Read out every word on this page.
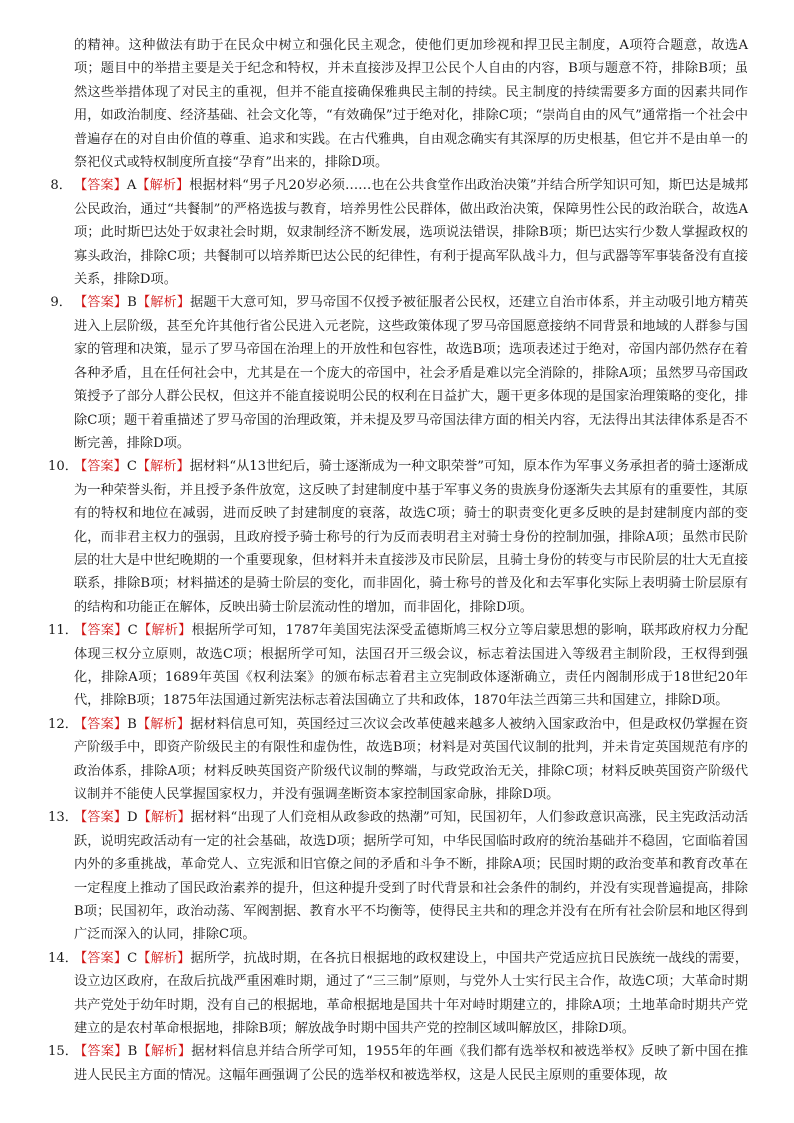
的精神。这种做法有助于在民众中树立和强化民主观念，使他们更加珍视和捍卫民主制度，A项符合题意，故选A项；题目中的举措主要是关于纪念和特权，并未直接涉及捍卫公民个人自由的内容，B项与题意不符，排除B项；虽然这些举措体现了对民主的重视，但并不能直接确保雅典民主制的持续。民主制度的持续需要多方面的因素共同作用，如政治制度、经济基础、社会文化等，“有效确保”过于绝对化，排除C项；“崇尚自由的风气”通常指一个社会中普遍存在的对自由价值的尊重、追求和实践。在古代雅典，自由观念确实有其深厚的历史根基，但它并不是由单一的祭祀仪式或特权制度所直接“孕育”出来的，排除D项。

8． 【答案】A【解析】根据材料“男子凡20岁必须……也在公共食堂作出政治决策”并结合所学知识可知，斯巴达是城邦公民政治，通过“共餐制”的严格选拔与教育，培养男性公民群体，做出政治决策，保障男性公民的政治联合，故选A项；此时斯巴达处于奴隶社会时期，奴隶制经济不断发展，选项说法错误，排除B项；斯巴达实行少数人掌握政权的寡头政治，排除C项；共餐制可以培养斯巴达公民的纪律性，有利于提高军队战斗力，但与武器等军事装备没有直接关系，排除D项。

9． 【答案】B【解析】据题干大意可知，罗马帝国不仅授予被征服者公民权，还建立自治市体系，并主动吸引地方精英进入上层阶级，甚至允许其他行省公民进入元老院，这些政策体现了罗马帝国愿意接纳不同背景和地域的人群参与国家的管理和决策，显示了罗马帝国在治理上的开放性和包容性，故选B项；选项表述过于绝对，帝国内部仍然存在着各种矛盾，且在任何社会中，尤其是在一个庞大的帝国中，社会矛盾是难以完全消除的，排除A项；虽然罗马帝国政策授予了部分人群公民权，但这并不能直接说明公民的权利在日益扩大，题干更多体现的是国家治理策略的变化，排除C项；题干着重描述了罗马帝国的治理政策，并未提及罗马帝国法律方面的相关内容，无法得出其法律体系是否不断完善，排除D项。

10．
【答案】C【解析】据材料“从13世纪后，骑士逐渐成为一种文职荣誉”可知，原本作为军事义务承担者的骑士逐渐成为一种荣誉头衔，并且授予条件放宽，这反映了封建制度中基于军事义务的贵族身份逐渐失去其原有的重要性，其原有的特权和地位在减弱，进而反映了封建制度的衰落，故选C项；骑士的职责变化更多反映的是封建制度内部的变化，而非君主权力的强弱，且政府授予骑士称号的行为反而表明君主对骑士身份的控制加强，排除A项；虽然市民阶层的壮大是中世纪晚期的一个重要现象，但材料并未直接涉及市民阶层，且骑士身份的转变与市民阶层的壮大无直接联系，排除B项；材料描述的是骑士阶层的变化，而非固化，骑士称号的普及化和去军事化实际上表明骑士阶层原有的结构和功能正在解体，反映出骑士阶层流动性的增加，而非固化，排除D项。

11．
【答案】C【解析】根据所学可知，1787年美国宪法深受孟德斯鸠三权分立等启蒙思想的影响，联邦政府权力分配体现三权分立原则，故选C项；根据所学可知，法国召开三级会议，标志着法国进入等级君主制阶段，王权得到强化，排除A项；1689年英国《权利法案》的颁布标志着君主立宪制政体逐渐确立，责任内阁制形成于18世纪20年代，排除B项；1875年法国通过新宪法标志着法国确立了共和政体，1870年法兰西第三共和国建立，排除D项。

12．
【答案】B【解析】据材料信息可知，英国经过三次议会改革使越来越多人被纳入国家政治中，但是政权仍掌握在资产阶级手中，即资产阶级民主的有限性和虚伪性，故选B项；材料是对英国代议制的批判，并未肯定英国规范有序的政治体系，排除A项；材料反映英国资产阶级代议制的弊端，与政党政治无关，排除C项；材料反映英国资产阶级代议制并不能使人民掌握国家权力，并没有强调垄断资本家控制国家命脉，排除D项。

13．
【答案】D【解析】据材料“出现了人们竞相从政参政的热潮”可知，民国初年，人们参政意识高涨，民主宪政活动活跃，说明宪政活动有一定的社会基础，故选D项；据所学可知，中华民国临时政府的统治基础并不稳固，它面临着国内外的多重挑战，革命党人、立宪派和旧官僚之间的矛盾和斗争不断，排除A项；民国时期的政治变革和教育改革在一定程度上推动了国民政治素养的提升，但这种提升受到了时代背景和社会条件的制约，并没有实现普遍提高，排除B项；民国初年，政治动荡、军阀割据、教育水平不均衡等，使得民主共和的理念并没有在所有社会阶层和地区得到广泛而深入的认同，排除C项。

14．
【答案】C【解析】据所学，抗战时期，在各抗日根据地的政权建设上，中国共产党适应抗日民族统一战线的需要，设立边区政府，在敌后抗战严重困难时期，通过了“三三制”原则，与党外人士实行民主合作，故选C项；大革命时期共产党处于幼年时期，没有自己的根据地，革命根据地是国共十年对峙时期建立的，排除A项；土地革命时期共产党建立的是农村革命根据地，排除B项；解放战争时期中国共产党的控制区域叫解放区，排除D项。

15．
【答案】B【解析】据材料信息并结合所学可知，1955年的年画《我们都有选举权和被选举权》反映了新中国在推进人民民主方面的情况。这幅年画强调了公民的选举权和被选举权，这是人民民主原则的重要体现，故
